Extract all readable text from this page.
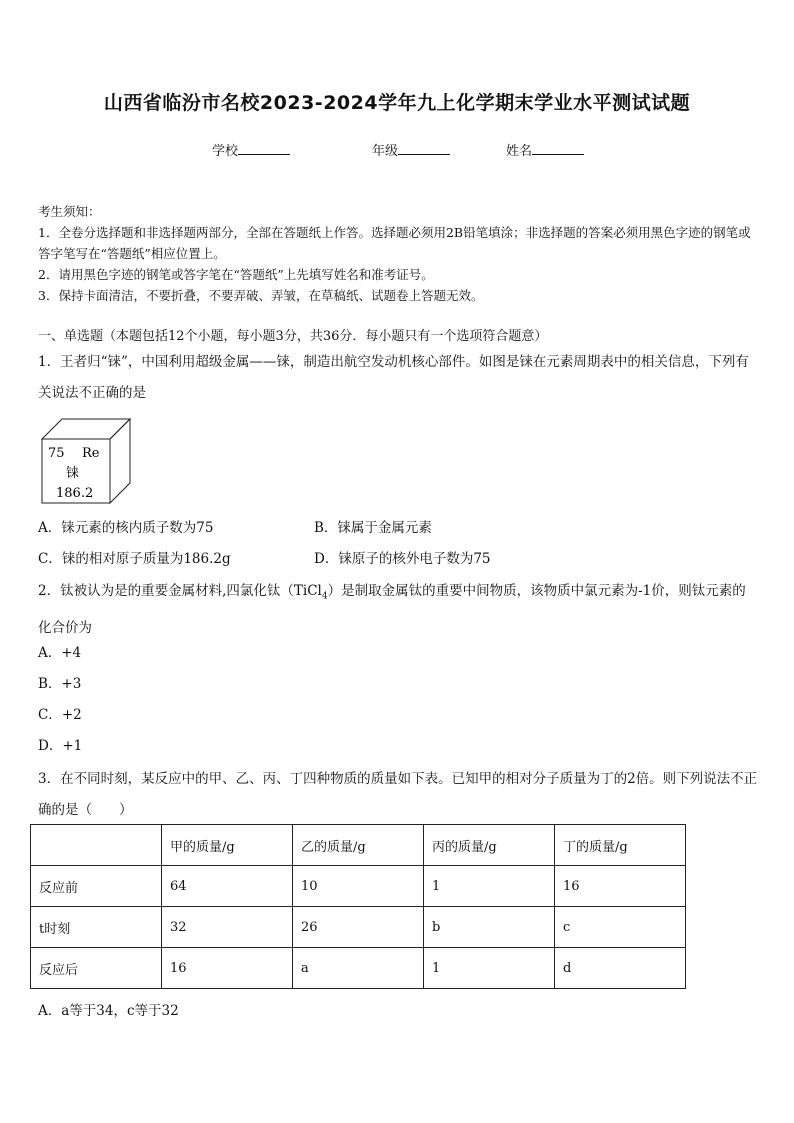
山西省临汾市名校2023-2024学年九上化学期末学业水平测试试题
学校	年级	姓名
考生须知：
1．全卷分选择题和非选择题两部分，全部在答题纸上作答。选择题必须用2B铅笔填涂；非选择题的答案必须用黑色字迹的钢笔或答字笔写在“答题纸”相应位置上。
2．请用黑色字迹的钢笔或答字笔在“答题纸”上先填写姓名和准考证号。
3．保持卡面清洁，不要折叠，不要弄破、弄皱，在草稿纸、试题卷上答题无效。
一、单选题（本题包括12个小题，每小题3分，共36分．每小题只有一个选项符合题意）
1．王者归“铼”，中国利用超级金属——铼，制造出航空发动机核心部件。如图是铼在元素周期表中的相关信息，下列有关说法不正确的是
75 Re
铼
186.2
A．铼元素的核内质子数为75	B．铼属于金属元素
C．铼的相对原子质量为186.2g	D．铼原子的核外电子数为75
2．钛被认为是的重要金属材料,四氯化钛（TiCl$_4$）是制取金属钛的重要中间物质，该物质中氯元素为-1价，则钛元素的化合价为
A．+4
B．+3
C．+2
D．+1
3．在不同时刻，某反应中的甲、乙、丙、丁四种物质的质量如下表。已知甲的相对分子质量为丁的2倍。则下列说法不正确的是（　　）
	甲的质量/g	乙的质量/g	丙的质量/g	丁的质量/g
反应前	64	10	1	16
t时刻	32	26	b	c
反应后	16	a	1	d
A．a等于34，c等于32
